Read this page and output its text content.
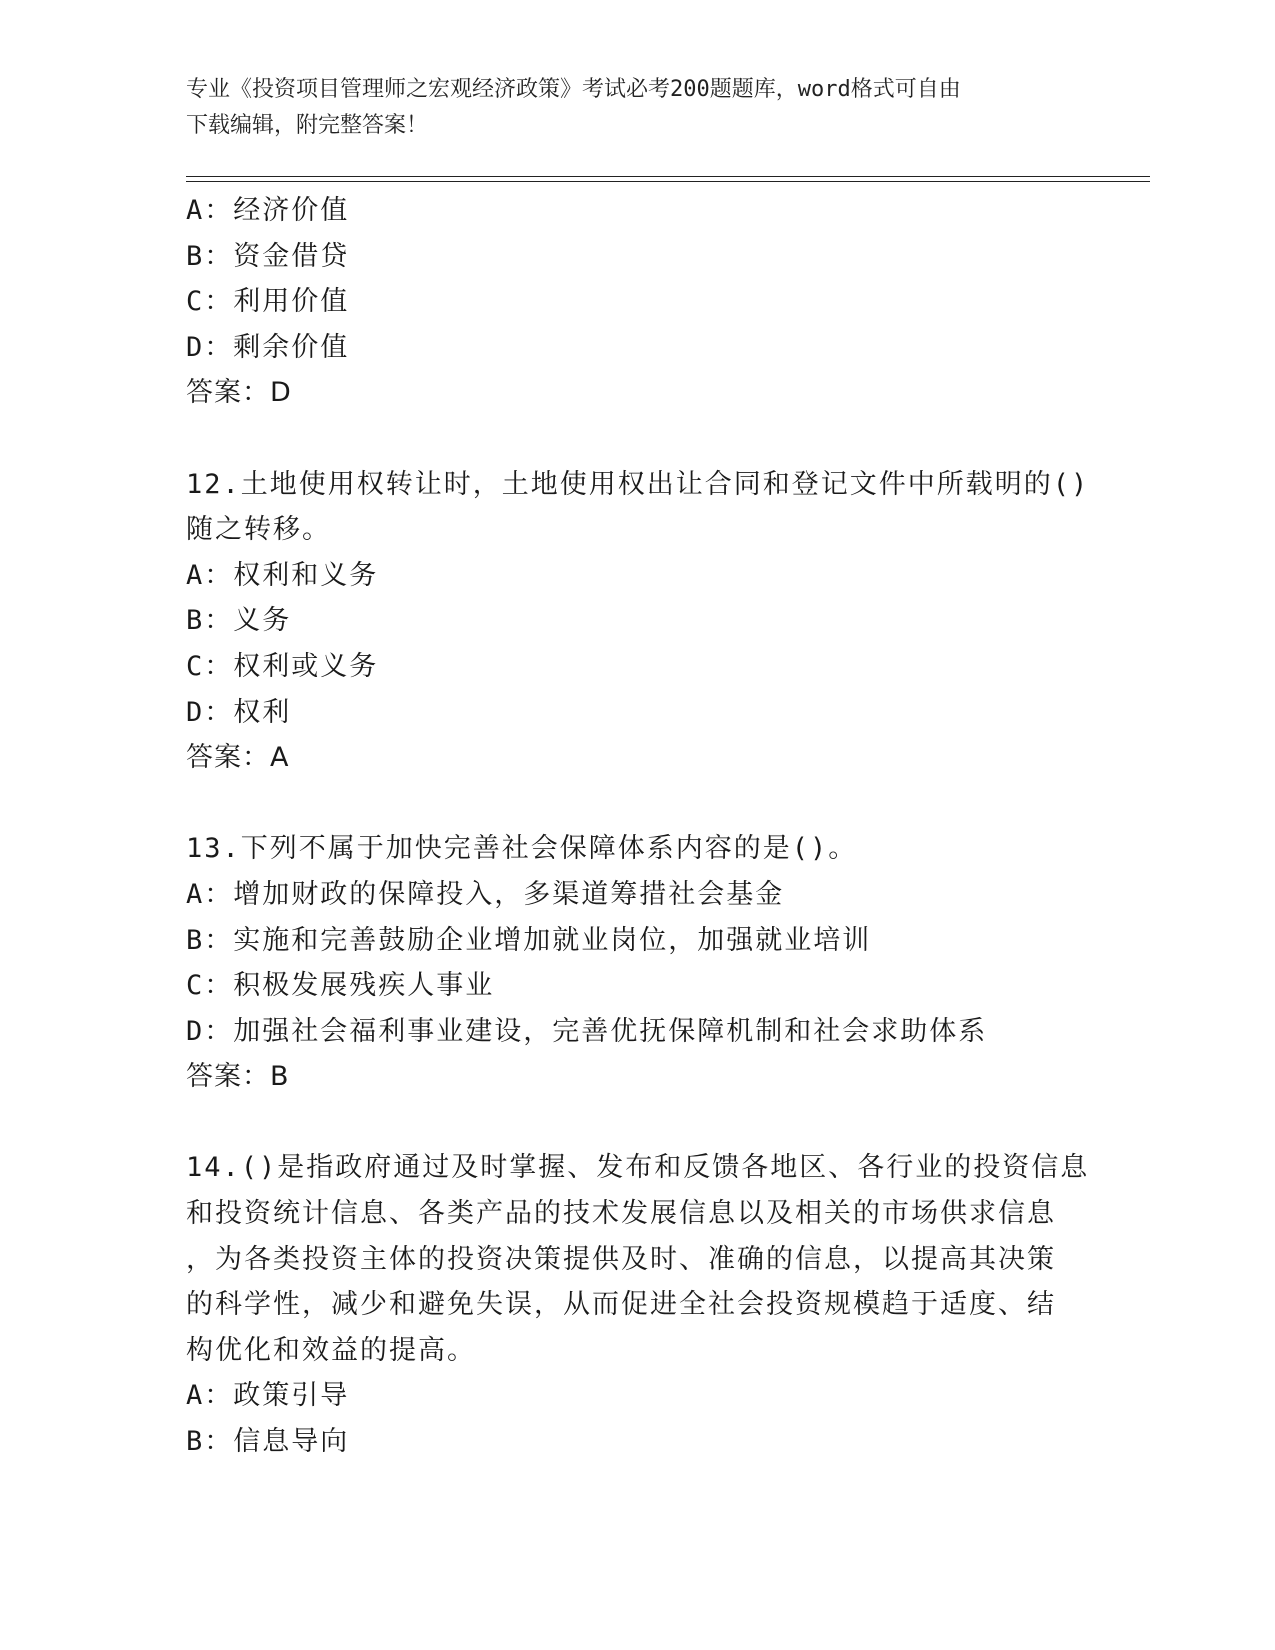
专业《投资项目管理师之宏观经济政策》考试必考200题题库，word格式可自由
下载编辑，附完整答案！
A：经济价值
B：资金借贷
C：利用价值
D：剩余价值
答案：D
12.土地使用权转让时，土地使用权出让合同和登记文件中所载明的()
随之转移。
A：权利和义务
B：义务
C：权利或义务
D：权利
答案：A
13.下列不属于加快完善社会保障体系内容的是()。
A：增加财政的保障投入，多渠道筹措社会基金
B：实施和完善鼓励企业增加就业岗位，加强就业培训
C：积极发展残疾人事业
D：加强社会福利事业建设，完善优抚保障机制和社会求助体系
答案：B
14.()是指政府通过及时掌握、发布和反馈各地区、各行业的投资信息
和投资统计信息、各类产品的技术发展信息以及相关的市场供求信息
，为各类投资主体的投资决策提供及时、准确的信息，以提高其决策
的科学性，减少和避免失误，从而促进全社会投资规模趋于适度、结
构优化和效益的提高。
A：政策引导
B：信息导向
